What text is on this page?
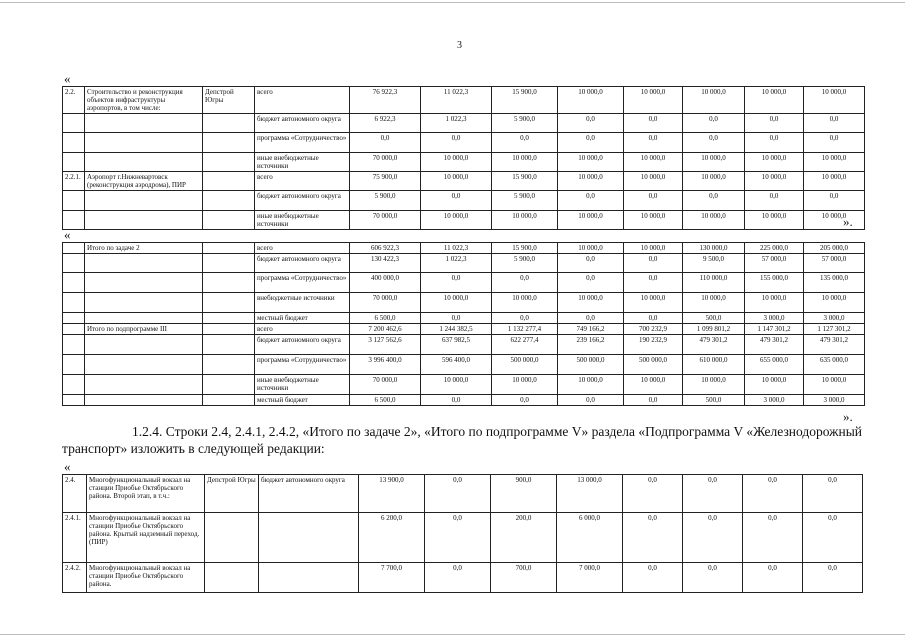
3
«
2.2.	Строительство и реконструкция объектов инфраструктуры аэропортов, в том числе:	Депстрой Югры	всего	76 922,3	11 022,3	15 900,0	10 000,0	10 000,0	10 000,0	10 000,0	10 000,0
			бюджет автономного округа	6 922,3	1 022,3	5 900,0	0,0	0,0	0,0	0,0	0,0
			программа «Сотрудничество»	0,0	0,0	0,0	0,0	0,0	0,0	0,0	0,0
			иные внебюджетные источники	70 000,0	10 000,0	10 000,0	10 000,0	10 000,0	10 000,0	10 000,0	10 000,0
2.2.1.	Аэропорт г.Нижневартовск (реконструкция аэродрома), ПИР		всего	75 900,0	10 000,0	15 900,0	10 000,0	10 000,0	10 000,0	10 000,0	10 000,0
			бюджет автономного округа	5 900,0	0,0	5 900,0	0,0	0,0	0,0	0,0	0,0
			иные внебюджетные источники	70 000,0	10 000,0	10 000,0	10 000,0	10 000,0	10 000,0	10 000,0	10 000,0
».
«
	Итого по задаче 2		всего	606 922,3	11 022,3	15 900,0	10 000,0	10 000,0	130 000,0	225 000,0	205 000,0
			бюджет автономного округа	130 422,3	1 022,3	5 900,0	0,0	0,0	9 500,0	57 000,0	57 000,0
			программа «Сотрудничество»	400 000,0	0,0	0,0	0,0	0,0	110 000,0	155 000,0	135 000,0
			внебюджетные источники	70 000,0	10 000,0	10 000,0	10 000,0	10 000,0	10 000,0	10 000,0	10 000,0
			местный бюджет	6 500,0	0,0	0,0	0,0	0,0	500,0	3 000,0	3 000,0
	Итого по подпрограмме III		всего	7 200 462,6	1 244 382,5	1 132 277,4	749 166,2	700 232,9	1 099 801,2	1 147 301,2	1 127 301,2
			бюджет автономного округа	3 127 562,6	637 982,5	622 277,4	239 166,2	190 232,9	479 301,2	479 301,2	479 301,2
			программа «Сотрудничество»	3 996 400,0	596 400,0	500 000,0	500 000,0	500 000,0	610 000,0	655 000,0	635 000,0
			иные внебюджетные источники	70 000,0	10 000,0	10 000,0	10 000,0	10 000,0	10 000,0	10 000,0	10 000,0
			местный бюджет	6 500,0	0,0	0,0	0,0	0,0	500,0	3 000,0	3 000,0
».
1.2.4. Строки 2.4, 2.4.1, 2.4.2, «Итого по задаче 2», «Итого по подпрограмме V» раздела «Подпрограмма V «Железнодорожный транспорт» изложить в следующей редакции:
«
2.4.	Многофункциональный вокзал на станции Приобье Октябрьского района. Второй этап, в т.ч.:	Депстрой Югры	бюджет автономного округа	13 900,0	0,0	900,0	13 000,0	0,0	0,0	0,0	0,0
2.4.1.	Многофункциональный вокзал на станции Приобье Октябрьского района. Крытый надземный переход. (ПИР)			6 200,0	0,0	200,0	6 000,0	0,0	0,0	0,0	0,0
2.4.2.	Многофункциональный вокзал на станции Приобье Октябрьского района.			7 700,0	0,0	700,0	7 000,0	0,0	0,0	0,0	0,0
